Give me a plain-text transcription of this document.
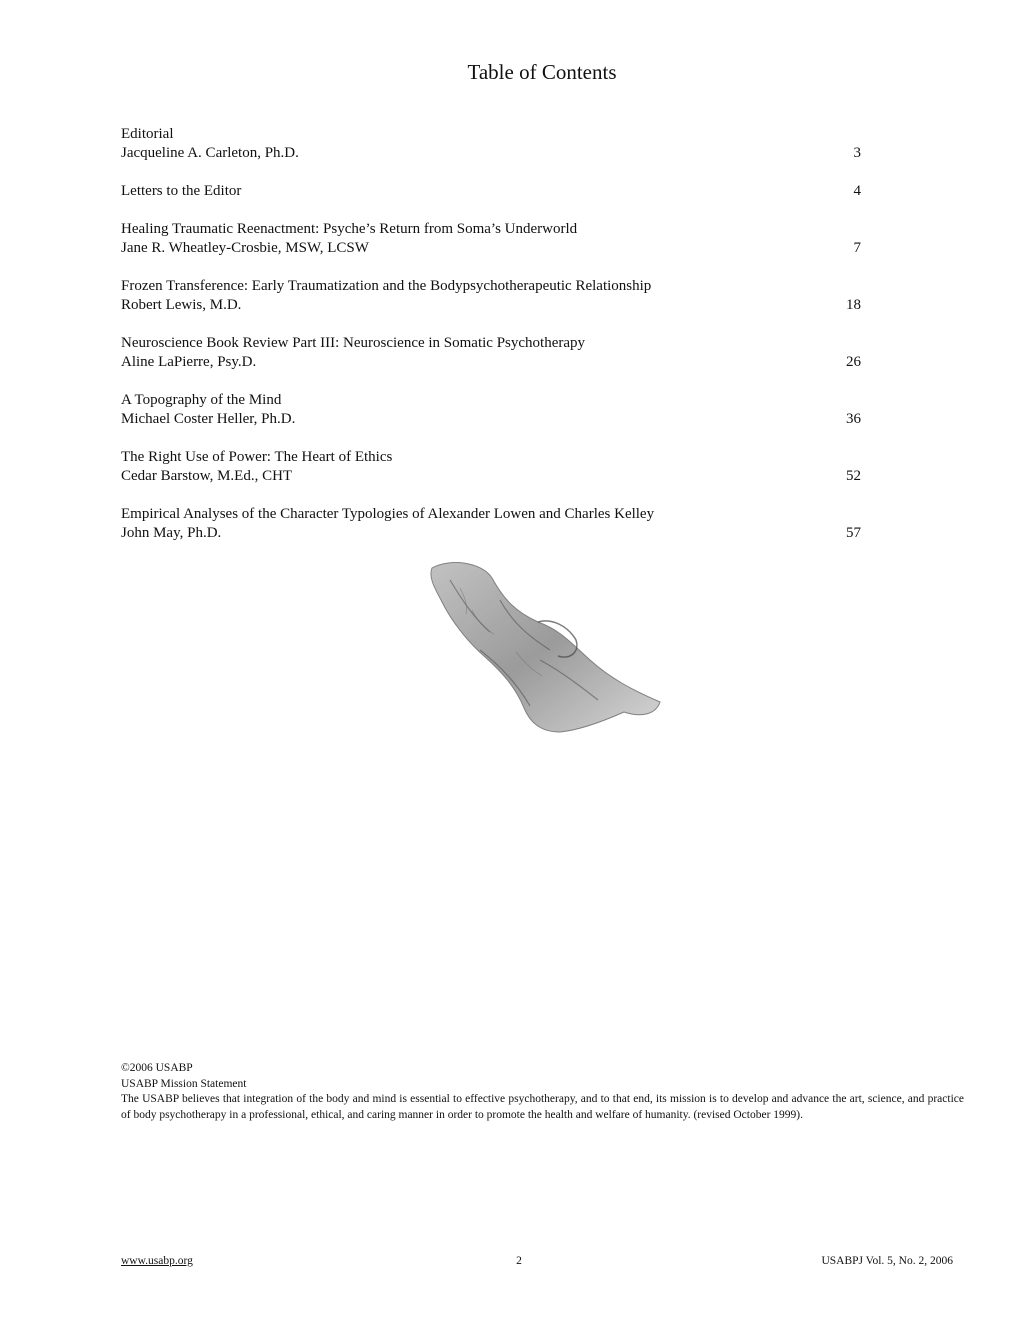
Table of Contents
Editorial
Jacqueline A. Carleton, Ph.D.	3
Letters to the Editor	4
Healing Traumatic Reenactment: Psyche’s Return from Soma’s Underworld
Jane R. Wheatley-Crosbie, MSW, LCSW	7
Frozen Transference: Early Traumatization and the Bodypsychotherapeutic Relationship
Robert Lewis, M.D.	18
Neuroscience Book Review Part III: Neuroscience in Somatic Psychotherapy
Aline LaPierre, Psy.D.	26
A Topography of the Mind
Michael Coster Heller, Ph.D.	36
The Right Use of Power: The Heart of Ethics
Cedar Barstow, M.Ed., CHT	52
Empirical Analyses of the Character Typologies of Alexander Lowen and Charles Kelley
John May, Ph.D.	57
©2006 USABP
USABP Mission Statement
The USABP believes that integration of the body and mind is essential to effective psychotherapy, and to that end, its mission is to develop and advance the art, science, and practice of body psychotherapy in a professional, ethical, and caring manner in order to promote the health and welfare of humanity. (revised October 1999).
www.usabp.org	2	USABPJ Vol. 5, No. 2, 2006
